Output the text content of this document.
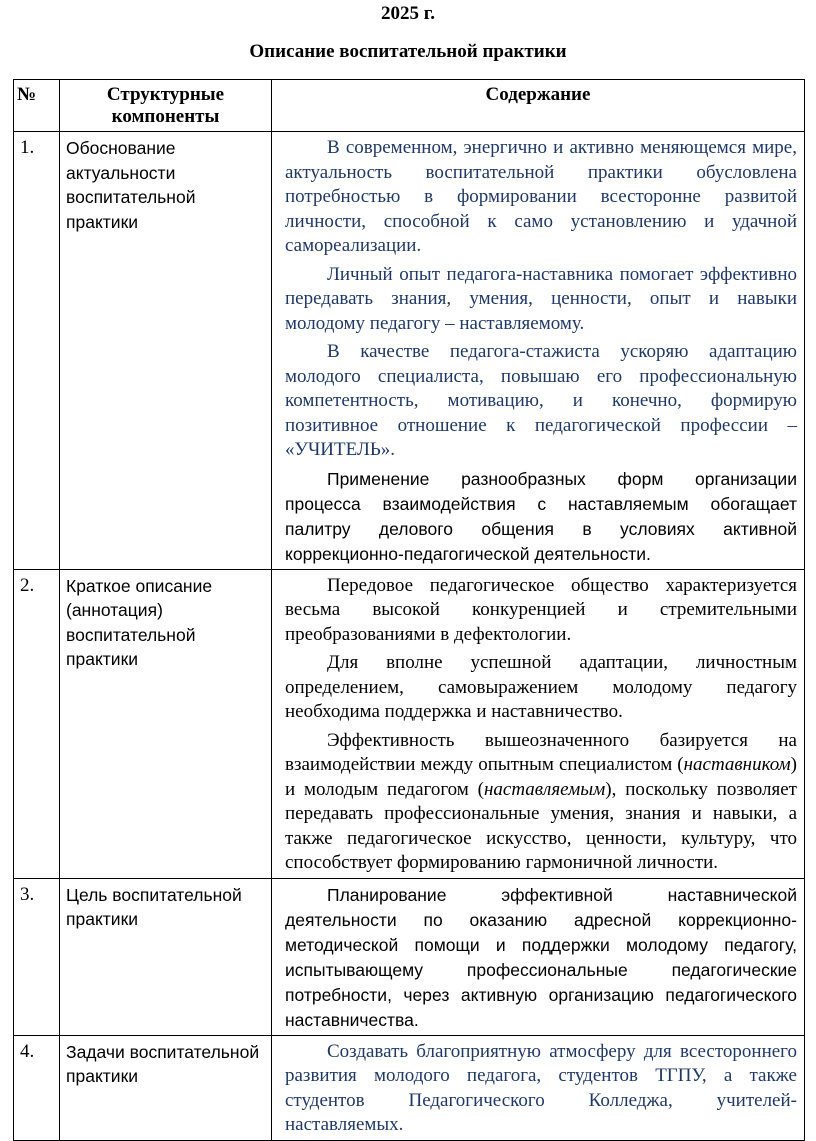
2025 г.
Описание воспитательной практики
№	Структурные компоненты	Содержание
1.	Обоснование актуальности воспитательной практики	В современном, энергично и активно меняющемся мире, актуальность воспитательной практики обусловлена потребностью в формировании всесторонне развитой личности, способной к само установлению и удачной самореализации.

Личный опыт педагога-наставника помогает эффективно передавать знания, умения, ценности, опыт и навыки молодому педагогу – наставляемому.

В качестве педагога-стажиста ускоряю адаптацию молодого специалиста, повышаю его профессиональную компетентность, мотивацию, и конечно, формирую позитивное отношение к педагогической профессии – «УЧИТЕЛЬ».

Применение разнообразных форм организации процесса взаимодействия с наставляемым обогащает палитру делового общения в условиях активной коррекционно-педагогической деятельности.

2.	Краткое описание (аннотация) воспитательной практики	Передовое педагогическое общество характеризуется весьма высокой конкуренцией и стремительными преобразованиями в дефектологии.

Для вполне успешной адаптации, личностным определением, самовыражением молодому педагогу необходима поддержка и наставничество.

Эффективность вышеозначенного базируется на взаимодействии между опытным специалистом (наставником) и молодым педагогом (наставляемым), поскольку позволяет передавать профессиональные умения, знания и навыки, а также педагогическое искусство, ценности, культуру, что способствует формированию гармоничной личности.

3.	Цель воспитательной практики	Планирование эффективной наставнической деятельности по оказанию адресной коррекционно-методической помощи и поддержки молодому педагогу, испытывающему профессиональные педагогические потребности, через активную организацию педагогического наставничества.

4.	Задачи воспитательной практики	Создавать благоприятную атмосферу для всестороннего развития молодого педагога, студентов ТГПУ, а также студентов Педагогического Колледжа, учителей-наставляемых.
